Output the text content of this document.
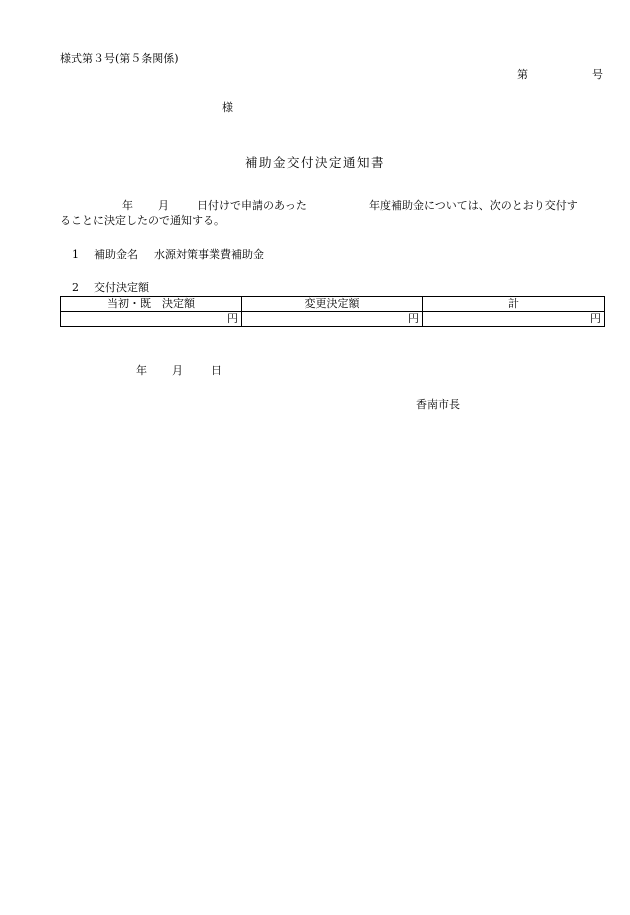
様式第３号(第５条関係)
第	号
様
補助金交付決定通知書
年 月	日付けで申請のあった	年度補助金については、次のとおり交付す
ることに決定したので通知する。
1 補助金名 水源対策事業費補助金
2 交付決定額
当初・既　決定額	変更決定額	計
円	円	円
年 月	日
香南市長
